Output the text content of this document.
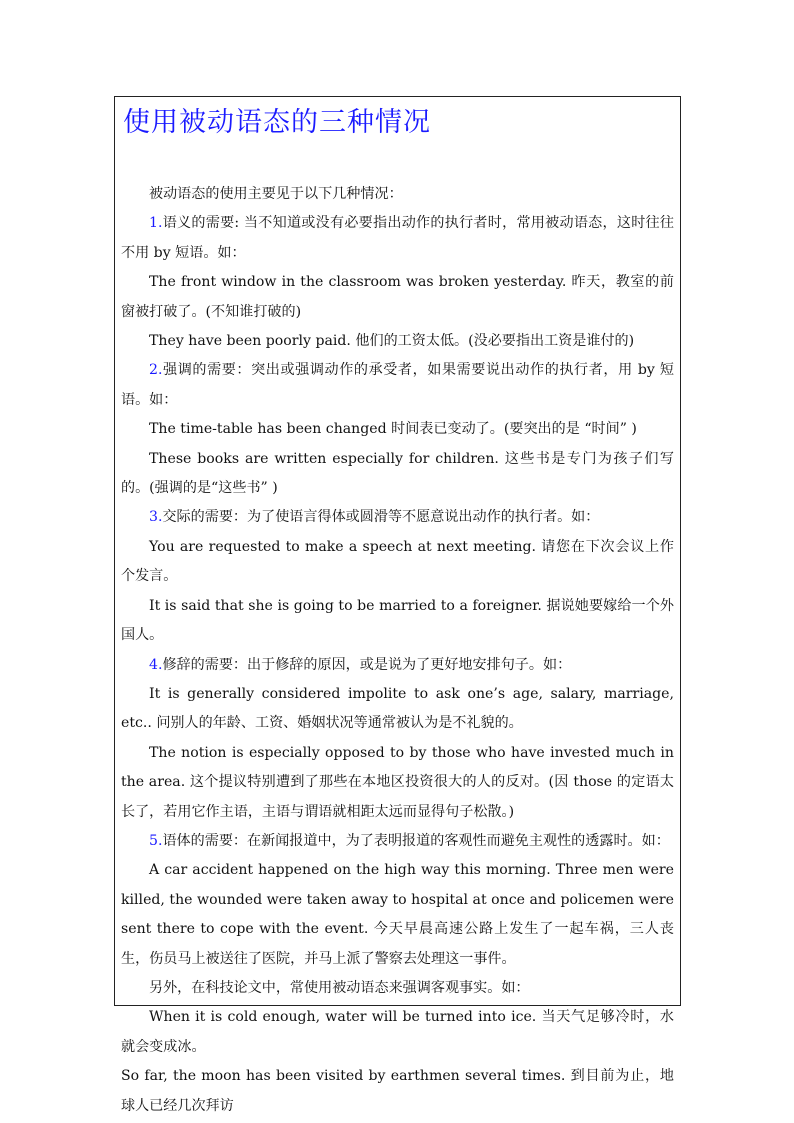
使用被动语态的三种情况

被动语态的使用主要见于以下几种情况：

1.语义的需要: 当不知道或没有必要指出动作的执行者时，常用被动语态，这时往往不用 by 短语。如：

The front window in the classroom was broken yesterday. 昨天，教室的前窗被打破了。(不知谁打破的)

They have been poorly paid. 他们的工资太低。(没必要指出工资是谁付的)

2.强调的需要：突出或强调动作的承受者，如果需要说出动作的执行者，用 by 短语。如：

The time-table has been changed 时间表已变动了。(要突出的是 “时间” )

These books are written especially for children. 这些书是专门为孩子们写的。(强调的是“这些书” )

3.交际的需要：为了使语言得体或圆滑等不愿意说出动作的执行者。如：

You are requested to make a speech at next meeting. 请您在下次会议上作个发言。

It is said that she is going to be married to a foreigner. 据说她要嫁给一个外国人。

4.修辞的需要：出于修辞的原因，或是说为了更好地安排句子。如：

It is generally considered impolite to ask one’s age, salary, marriage, etc.. 问别人的年龄、工资、婚姻状况等通常被认为是不礼貌的。

The notion is especially opposed to by those who have invested much in the area. 这个提议特别遭到了那些在本地区投资很大的人的反对。(因 those 的定语太长了，若用它作主语，主语与谓语就相距太远而显得句子松散。)

5.语体的需要：在新闻报道中，为了表明报道的客观性而避免主观性的透露时。如：

A car accident happened on the high way this morning. Three men were killed, the wounded were taken away to hospital at once and policemen were sent there to cope with the event. 今天早晨高速公路上发生了一起车祸，三人丧生，伤员马上被送往了医院，并马上派了警察去处理这一事件。

另外，在科技论文中，常使用被动语态来强调客观事实。如：

When it is cold enough, water will be turned into ice. 当天气足够冷时，水就会变成冰。

So far, the moon has been visited by earthmen several times. 到目前为止，地球人已经几次拜访
